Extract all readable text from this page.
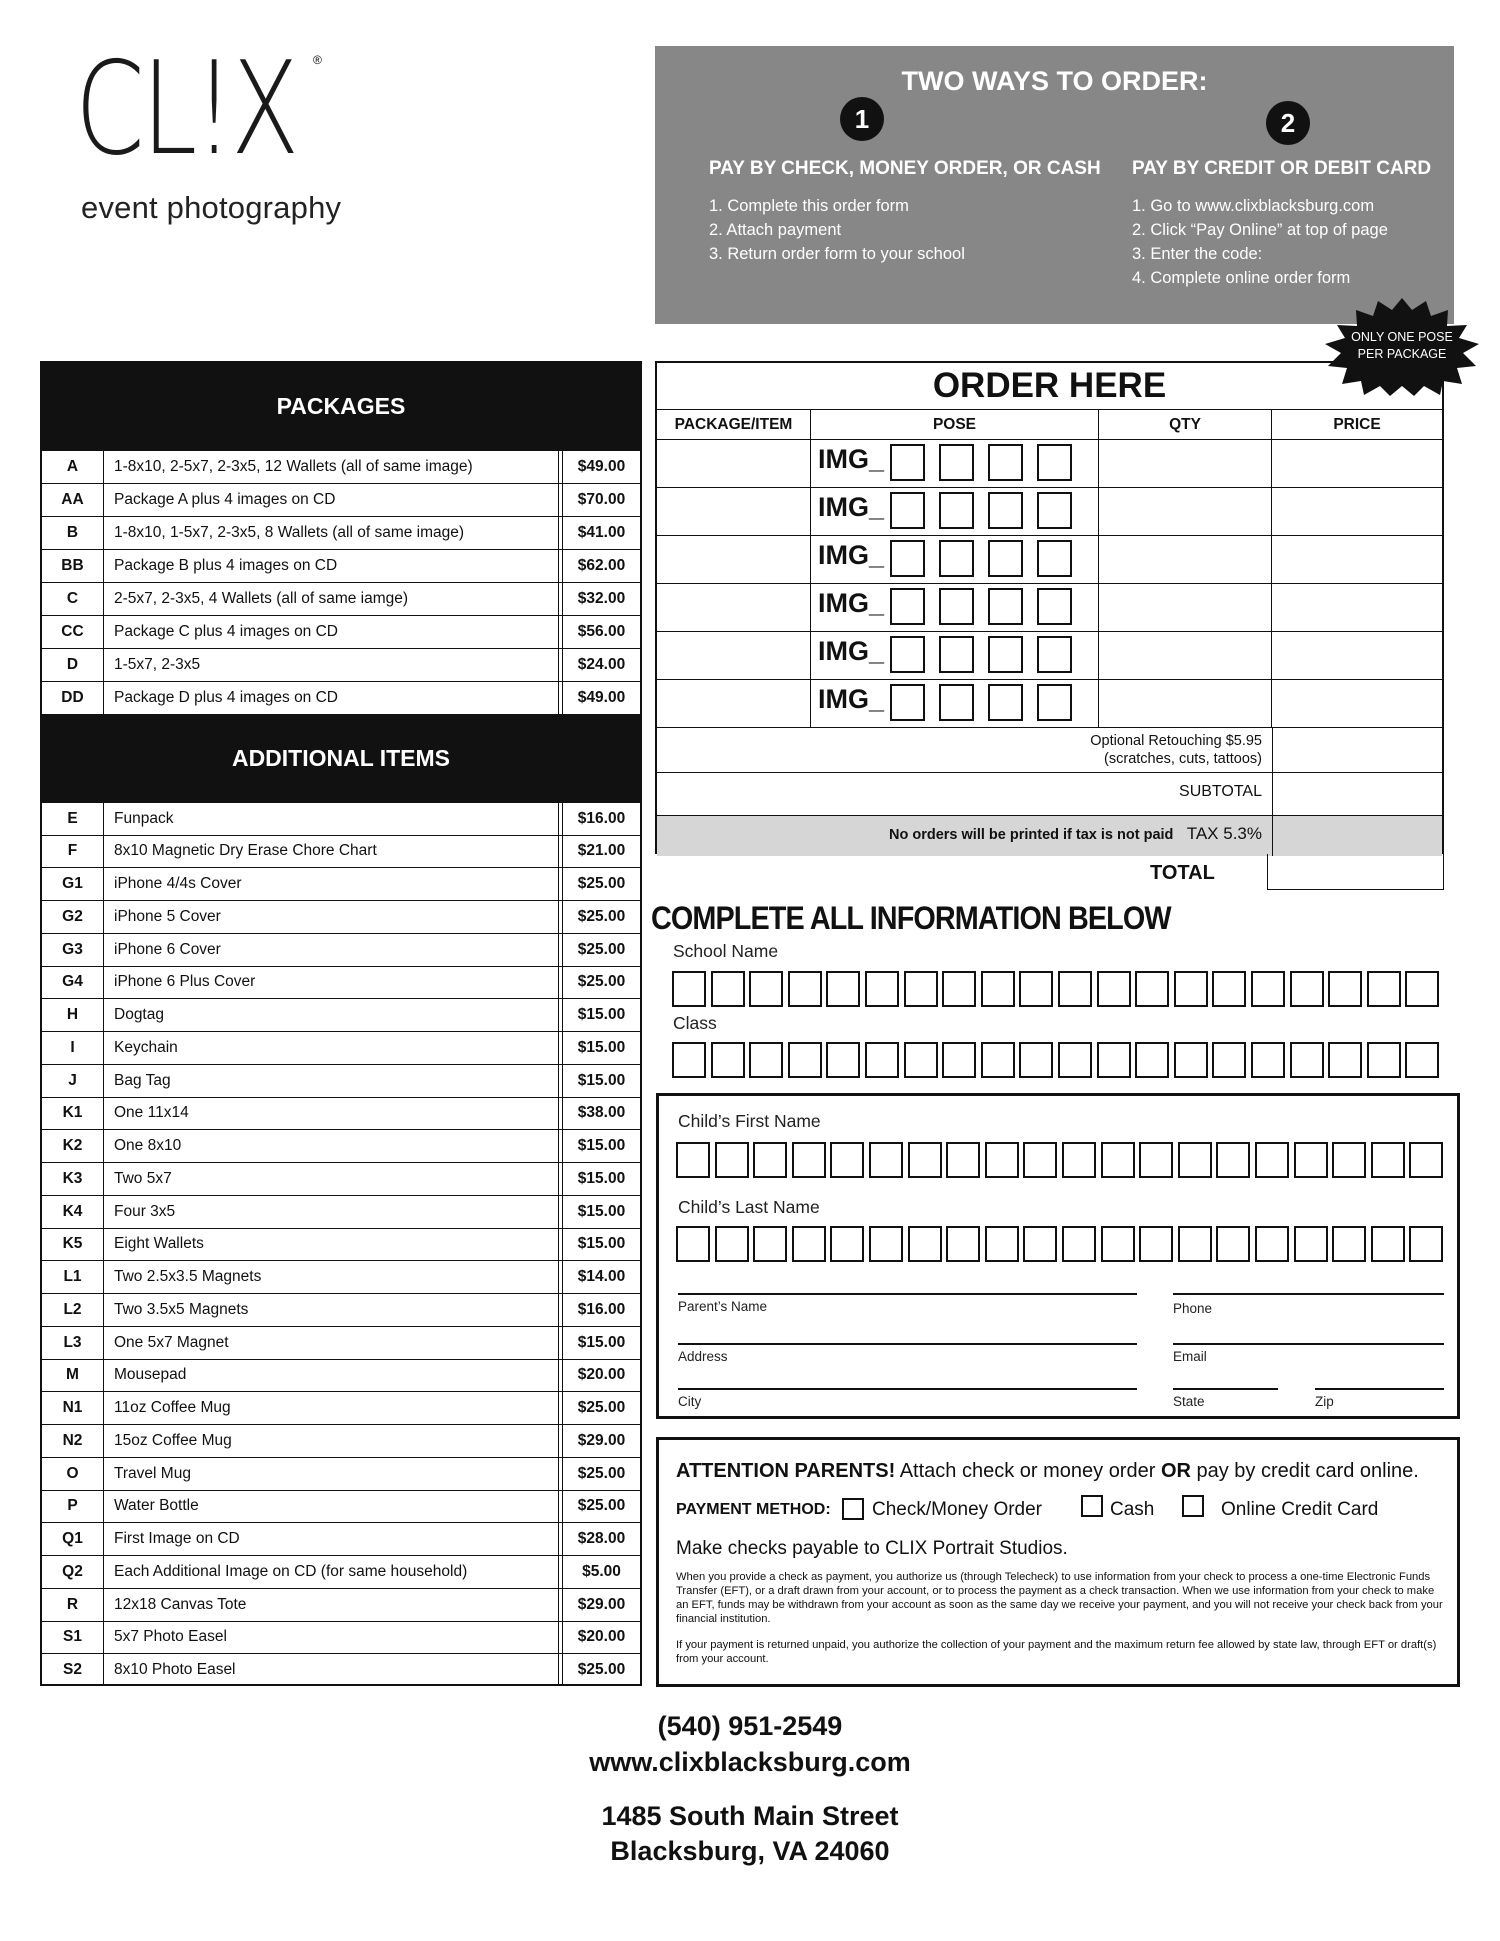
CL!X	®
event photography
TWO WAYS TO ORDER:
1	2
PAY BY CHECK, MONEY ORDER, OR CASH PAY BY CREDIT OR DEBIT CARD
1. Complete this order form
2. Attach payment
3. Return order form to your school
1. Go to www.clixblacksburg.com
2. Click “Pay Online” at top of page
3. Enter the code:
4. Complete online order form
ONLY ONE POSE
PER PACKAGE
PACKAGES
A	1-8x10, 2-5x7, 2-3x5, 12 Wallets (all of same image)	$49.00
AA	Package A plus 4 images on CD	$70.00
B	1-8x10, 1-5x7, 2-3x5, 8 Wallets (all of same image)	$41.00
BB	Package B plus 4 images on CD	$62.00
C	2-5x7, 2-3x5, 4 Wallets (all of same iamge)	$32.00
CC	Package C plus 4 images on CD	$56.00
D	1-5x7, 2-3x5	$24.00
DD	Package D plus 4 images on CD	$49.00
ADDITIONAL ITEMS
E	Funpack	$16.00
F	8x10 Magnetic Dry Erase Chore Chart	$21.00
G1	iPhone 4/4s Cover	$25.00
G2	iPhone 5 Cover	$25.00
G3	iPhone 6 Cover	$25.00
G4	iPhone 6 Plus Cover	$25.00
H	Dogtag	$15.00
I	Keychain	$15.00
J	Bag Tag	$15.00
K1	One 11x14	$38.00
K2	One 8x10	$15.00
K3	Two 5x7	$15.00
K4	Four 3x5	$15.00
K5	Eight Wallets	$15.00
L1	Two 2.5x3.5 Magnets	$14.00
L2	Two 3.5x5 Magnets	$16.00
L3	One 5x7 Magnet	$15.00
M	Mousepad	$20.00
N1	11oz Coffee Mug	$25.00
N2	15oz Coffee Mug	$29.00
O	Travel Mug	$25.00
P	Water Bottle	$25.00
Q1	First Image on CD	$28.00
Q2	Each Additional Image on CD (for same household)	$5.00
R	12x18 Canvas Tote	$29.00
S1	5x7 Photo Easel	$20.00
S2	8x10 Photo Easel	$25.00
ORDER HERE
PACKAGE/ITEM	POSE	QTY	PRICE
IMG_
IMG_
IMG_
IMG_
IMG_
IMG_
Optional Retouching $5.95
(scratches, cuts, tattoos)
SUBTOTAL
No orders will be printed if tax is not paid TAX 5.3%
TOTAL
COMPLETE ALL INFORMATION BELOW
School Name
Class
Child’s First Name
Child’s Last Name
Parent’s Name	Phone
Address	Email
City	State	Zip
ATTENTION PARENTS! Attach check or money order OR pay by credit card online.
PAYMENT METHOD: Check/Money Order	Cash	Online Credit Card
Make checks payable to CLIX Portrait Studios.
When you provide a check as payment, you authorize us (through Telecheck) to use information from your check to process a one-time Electronic Funds Transfer (EFT), or a draft drawn from your account, or to process the payment as a check transaction. When we use information from your check to make an EFT, funds may be withdrawn from your account as soon as the same day we receive your payment, and you will not receive your check back from your financial institution.
If your payment is returned unpaid, you authorize the collection of your payment and the maximum return fee allowed by state law, through EFT or draft(s) from your account.
(540) 951-2549
www.clixblacksburg.com
1485 South Main Street
Blacksburg, VA 24060
